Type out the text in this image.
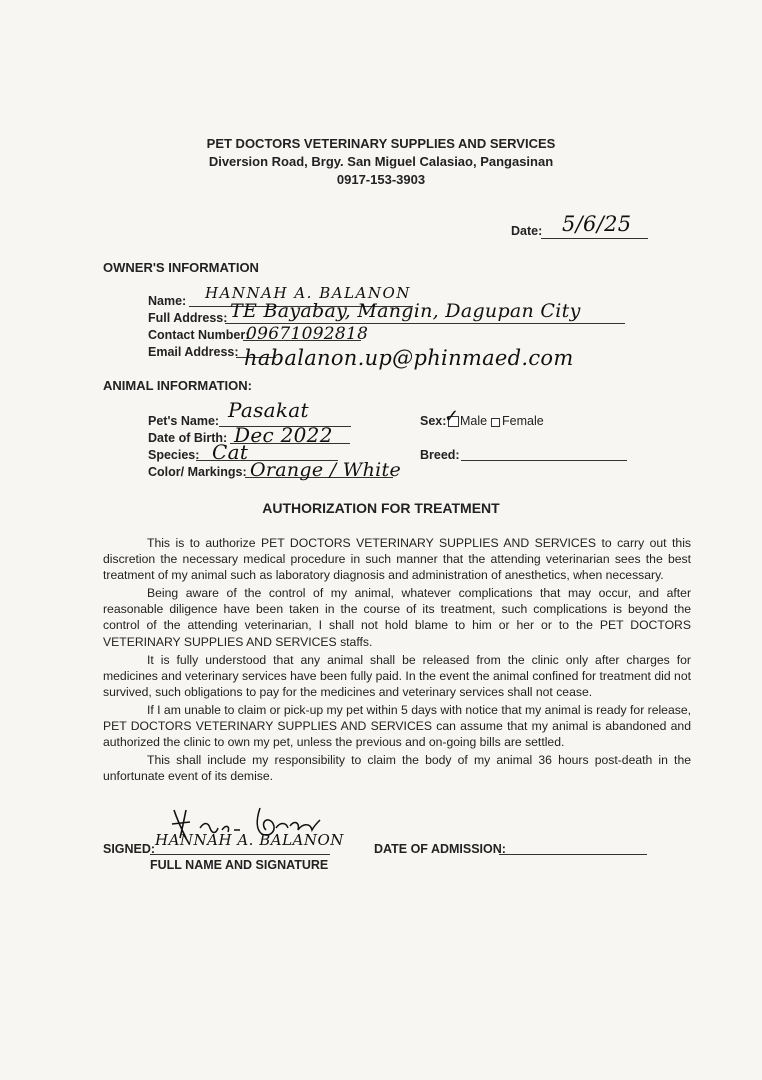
PET DOCTORS VETERINARY SUPPLIES AND SERVICES
Diversion Road, Brgy. San Miguel Calasiao, Pangasinan
0917-153-3903
Date: 5/6/25
OWNER'S INFORMATION
Name: HANNAH A. BALANON
Full Address: TE Bayabay, Mangin, Dagupan City
Contact Number:
09671092818
Email Address: habalanon.up@phinmaed.com
ANIMAL INFORMATION:
Pet's Name: Pasakat
Date of Birth: Dec 2022
Species: Cat
Color/ Markings: Orange / White
Sex:
✓ Male Female
Breed:
AUTHORIZATION FOR TREATMENT

This is to authorize PET DOCTORS VETERINARY SUPPLIES AND SERVICES to carry out this discretion the necessary medical procedure in such manner that the attending veterinarian sees the best treatment of my animal such as laboratory diagnosis and administration of anesthetics, when necessary.

Being aware of the control of my animal, whatever complications that may occur, and after reasonable diligence have been taken in the course of its treatment, such complications is beyond the control of the attending veterinarian, I shall not hold blame to him or her or to the PET DOCTORS VETERINARY SUPPLIES AND SERVICES staffs.

It is fully understood that any animal shall be released from the clinic only after charges for medicines and veterinary services have been fully paid. In the event the animal confined for treatment did not survived, such obligations to pay for the medicines and veterinary services shall not cease.

If I am unable to claim or pick-up my pet within 5 days with notice that my animal is ready for release, PET DOCTORS VETERINARY SUPPLIES AND SERVICES can assume that my animal is abandoned and authorized the clinic to own my pet, unless the previous and on-going bills are settled.

This shall include my responsibility to claim the body of my animal 36 hours post-death in the unfortunate event of its demise.

SIGNED: HANNAH A. BALANON
FULL NAME AND SIGNATURE
DATE OF ADMISSION:
